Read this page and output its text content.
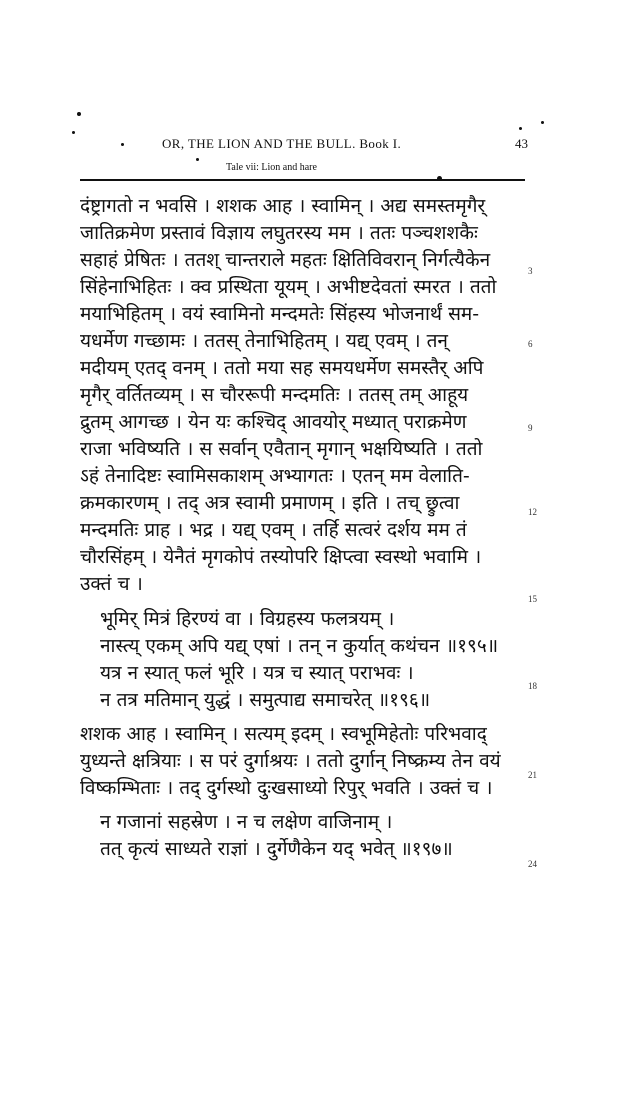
OR, THE LION AND THE BULL. Book I.	43
Tale vii: Lion and hare
दंष्ट्रागतो न भवसि । शशक आह । स्वामिन् । अद्य समस्तमृगैर्
जातिक्रमेण प्रस्तावं विज्ञाय लघुतरस्य मम । ततः पञ्चशशकैः
सहाहं प्रेषितः । ततश् चान्तराले महतः क्षितिविवरान् निर्गत्यैकेन
सिंहेनाभिहितः । क्व प्रस्थिता यूयम् । अभीष्टदेवतां स्मरत । ततो
मयाभिहितम् । वयं स्वामिनो मन्दमतेः सिंहस्य भोजनार्थं सम-
यधर्मेण गच्छामः । ततस् तेनाभिहितम् । यद्य् एवम् । तन्
मदीयम् एतद् वनम् । ततो मया सह समयधर्मेण समस्तैर् अपि
मृगैर् वर्तितव्यम् । स चौररूपी मन्दमतिः । ततस् तम् आहूय
द्रुतम् आगच्छ । येन यः कश्चिद् आवयोर् मध्यात् पराक्रमेण
राजा भविष्यति । स सर्वान् एवैतान् मृगान् भक्षयिष्यति । ततो
ऽहं तेनादिष्टः स्वामिसकाशम् अभ्यागतः । एतन् मम वेलाति-
क्रमकारणम् । तद् अत्र स्वामी प्रमाणम् । इति । तच् छ्रुत्वा
मन्दमतिः प्राह । भद्र । यद्य् एवम् । तर्हि सत्वरं दर्शय मम तं
चौरसिंहम् । येनैतं मृगकोपं तस्योपरि क्षिप्त्वा स्वस्थो भवामि ।
उक्तं च ।
भूमिर् मित्रं हिरण्यं वा । विग्रहस्य फलत्रयम् ।
नास्त्य् एकम् अपि यद्य् एषां । तन् न कुर्यात् कथंचन ॥१९५॥
यत्र न स्यात् फलं भूरि । यत्र च स्यात् पराभवः ।
न तत्र मतिमान् युद्धं । समुत्पाद्य समाचरेत् ॥१९६॥
शशक आह । स्वामिन् । सत्यम् इदम् । स्वभूमिहेतोः परिभवाद्
युध्यन्ते क्षत्रियाः । स परं दुर्गाश्रयः । ततो दुर्गान् निष्क्रम्य तेन वयं
विष्कम्भिताः । तद् दुर्गस्थो दुःखसाध्यो रिपुर् भवति । उक्तं च ।
न गजानां सहस्रेण । न च लक्षेण वाजिनाम् ।
तत् कृत्यं साध्यते राज्ञां । दुर्गेणैकेन यद् भवेत् ॥१९७॥
3
6
9
12
15
18
21
24
